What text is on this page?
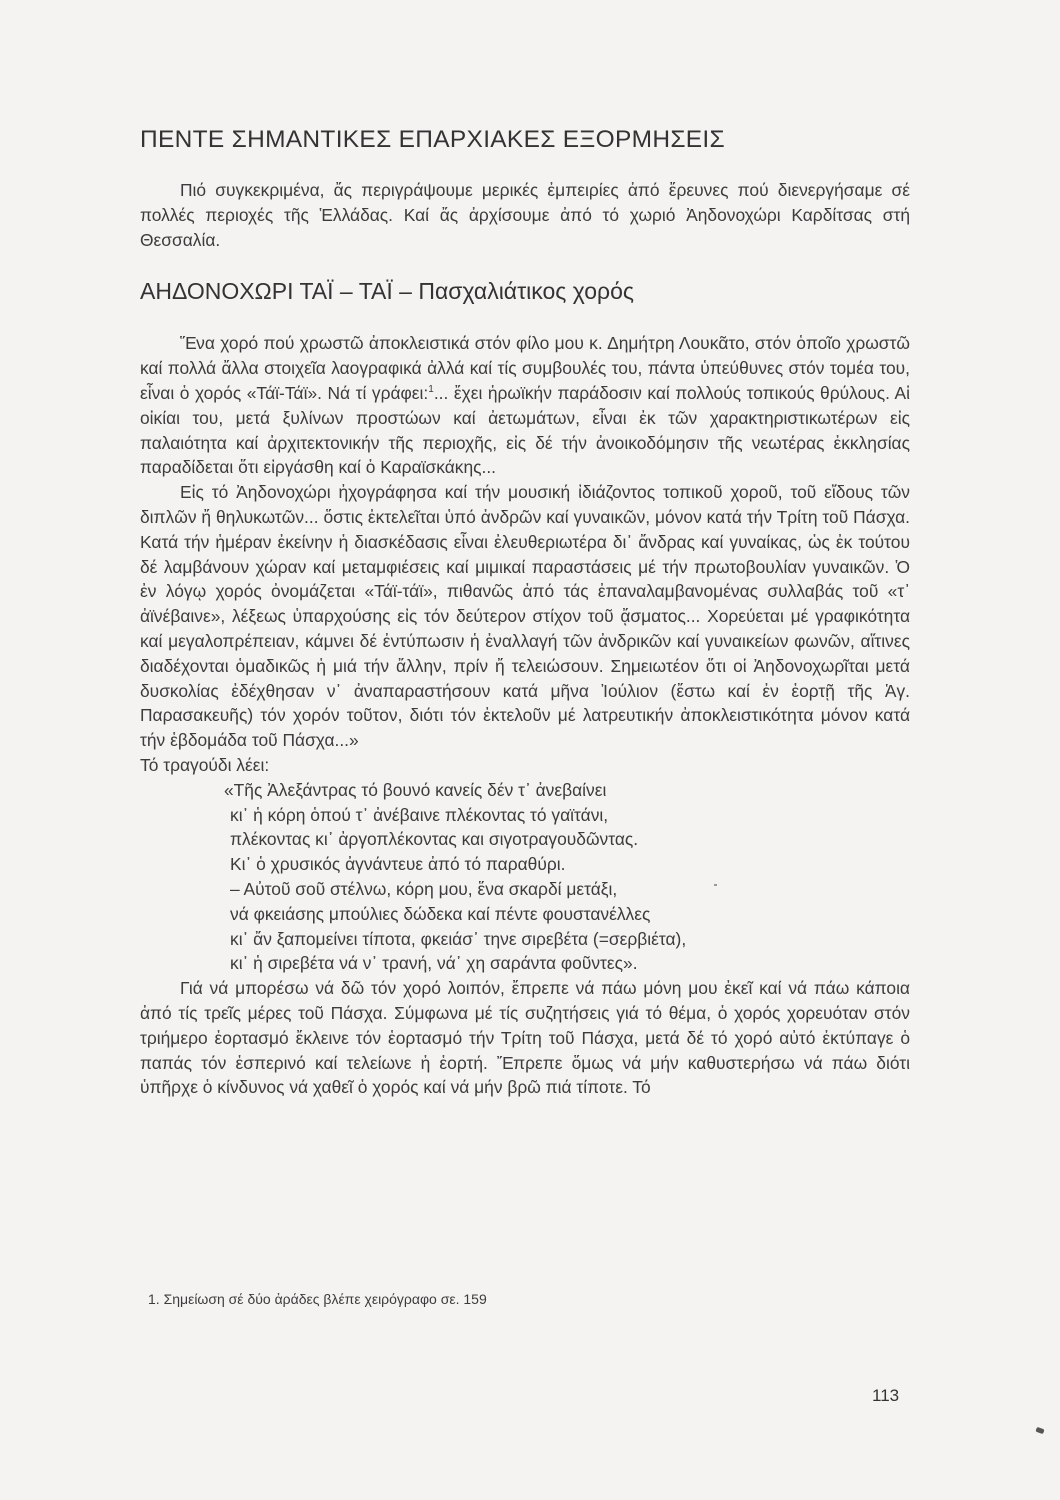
ΠΕΝΤΕ ΣΗΜΑΝΤΙΚΕΣ ΕΠΑΡΧΙΑΚΕΣ ΕΞΟΡΜΗΣΕΙΣ

Πιό συγκεκριμένα, ἄς περιγράψουμε μερικές ἐμπειρίες ἀπό ἔρευνες πού διενεργήσαμε σέ πολλές περιοχές τῆς Ἑλλάδας. Καί ἄς ἀρχίσουμε ἀπό τό χωριό Ἀηδονοχώρι Καρδίτσας στή Θεσσαλία.

ΑΗΔΟΝΟΧΩΡΙ ΤΑΪ – ΤΑΪ – Πασχαλιάτικος χορός

Ἕνα χορό πού χρωστῶ ἀποκλειστικά στόν φίλο μου κ. Δημήτρη Λουκᾶτο, στόν ὁποῖο χρωστῶ καί πολλά ἄλλα στοιχεῖα λαογραφικά ἀλλά καί τίς συμβουλές του, πάντα ὑπεύθυνες στόν τομέα του, εἶναι ὁ χορός «Τάϊ-Τάϊ». Νά τί γράφει:$^1$... ἔχει ἡρωϊκήν παράδοσιν καί πολλούς τοπικούς θρύλους. Αἱ οἰκίαι του, μετά ξυλίνων προστώων καί ἀετωμάτων, εἶναι ἐκ τῶν χαρακτηριστικωτέρων εἰς παλαιότητα καί ἀρχιτεκτονικήν τῆς περιοχῆς, εἰς δέ τήν ἀνοικοδόμησιν τῆς νεωτέρας ἐκκλησίας παραδίδεται ὅτι εἰργάσθη καί ὁ Καραϊσκάκης...

Εἰς τό Ἀηδονοχώρι ἠχογράφησα καί τήν μουσική ἰδιάζοντος τοπικοῦ χοροῦ, τοῦ εἴδους τῶν διπλῶν ἤ θηλυκωτῶν... ὅστις ἐκτελεῖται ὑπό ἀνδρῶν καί γυναικῶν, μόνον κατά τήν Τρίτη τοῦ Πάσχα. Κατά τήν ἡμέραν ἐκείνην ἡ διασκέδασις εἶναι ἐλευθεριωτέρα δι᾿ ἄνδρας καί γυναίκας, ὡς ἐκ τούτου δέ λαμβάνουν χώραν καί μεταμφιέσεις καί μιμικαί παραστάσεις μέ τήν πρωτοβουλίαν γυναικῶν. Ὁ ἐν λόγῳ χορός ὀνομάζεται «Τάϊ-τάϊ», πιθανῶς ἀπό τάς ἐπαναλαμβανομένας συλλαβάς τοῦ «τ᾿ ἀϊνέβαινε», λέξεως ὑπαρχούσης εἰς τόν δεύτερον στίχον τοῦ ᾄσματος... Χορεύεται μέ γραφικότητα καί μεγαλοπρέπειαν, κάμνει δέ ἐντύπωσιν ἡ ἐναλλαγή τῶν ἀνδρικῶν καί γυναικείων φωνῶν, αἵτινες διαδέχονται ὁμαδικῶς ἡ μιά τήν ἄλλην, πρίν ἤ τελειώσουν. Σημειωτέον ὅτι οἱ Ἀηδονοχωρῖται μετά δυσκολίας ἐδέχθησαν ν᾿ ἀναπαραστήσουν κατά μῆνα Ἰούλιον (ἔστω καί ἐν ἑορτῇ τῆς Ἁγ. Παρασακευῆς) τόν χορόν τοῦτον, διότι τόν ἐκτελοῦν μέ λατρευτικήν ἀποκλειστικότητα μόνον κατά τήν ἑβδομάδα τοῦ Πάσχα...»

Τό τραγούδι λέει:

«Τῆς Ἀλεξάντρας τό βουνό κανείς δέν τ᾿ ἀνεβαίνει
κι᾿ ἡ κόρη ὁπού τ᾿ ἀνέβαινε πλέκοντας τό γαϊτάνι,
πλέκοντας κι᾿ ἀργοπλέκοντας και σιγοτραγουδῶντας.
Κι᾿ ὁ χρυσικός ἀγνάντευε ἀπό τό παραθύρι.
– Αὐτοῦ σοῦ στέλνω, κόρη μου, ἕνα σκαρδί μετάξι,
νά φκειάσης μπούλιες δώδεκα καί πέντε φουστανέλλες
κι᾿ ἄν ξαπομείνει τίποτα, φκειάσ᾿ τηνε σιρεβέτα (=σερβιέτα),
κι᾿ ἡ σιρεβέτα νά ν᾿ τρανή, νά᾿ χη σαράντα φοῦντες».

Γιά νά μπορέσω νά δῶ τόν χορό λοιπόν, ἔπρεπε νά πάω μόνη μου ἐκεῖ καί νά πάω κάποια ἀπό τίς τρεῖς μέρες τοῦ Πάσχα. Σύμφωνα μέ τίς συζητήσεις γιά τό θέμα, ὁ χορός χορευόταν στόν τριήμερο ἑορτασμό ἔκλεινε τόν ἑορτασμό τήν Τρίτη τοῦ Πάσχα, μετά δέ τό χορό αὐτό ἐκτύπαγε ὁ παπάς τόν ἑσπερινό καί τελείωνε ἡ ἑορτή. Ἔπρεπε ὅμως νά μήν καθυστερήσω νά πάω διότι ὑπῆρχε ὁ κίνδυνος νά χαθεῖ ὁ χορός καί νά μήν βρῶ πιά τίποτε. Τό

1. Σημείωση σέ δύο ἀράδες βλέπε χειρόγραφο σε. 159
113
